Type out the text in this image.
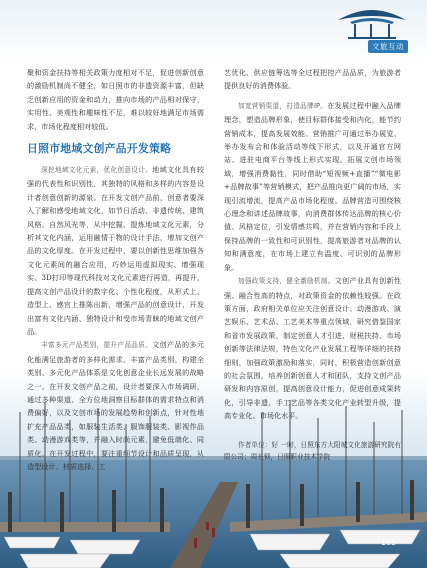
文旅互动

聚和资金扶持等相关政策力度相对不足，促进创新创意的激励机制尚不健全，如日照市的非遗资源丰富，但缺乏创新应用的资金和动力，推向市场的产品相对保守，实用性、美观性和趣味性不足，难以较好地满足市场需求，市场化程度相对较低。

日照市地域文创产品开发策略

深挖地域文化元素，优化创意设计。地域文化具有较强的代表性和识别性，其独特的风格和多样的内容是设计者创意创新的源泉。在开发文创产品前，创意者要深入了解和感受地域文化，如节日活动、非遗传统、建筑风格、自然风光等，从中挖掘、提炼地域文化元素，分析其文化内涵，运用融情于物的设计手法，增加文创产品的文化厚度。在开发过程中，要以创新性思维加强各文化元素间的融合应用，巧妙运用虚拟现实、增强现实、3D打印等现代科技对文化元素进行再造，再提升，提高文创产品设计的数字化、个性化程度，从形式上、造型上、感官上推陈出新，增强产品的创意设计，开发出富有文化内涵、独特设计和受市场青睐的地域文创产品。

丰富多元产品类别，提升产品品质。文创产品的多元化能满足旅游者的多样化需求。丰富产品类别，构建全类别、多元化产品体系是文化创意企业长远发展的战略之一。在开发文创产品之前，设计者要深入市场调研，通过多种渠道、全方位地洞察目标群体的需求特点和消费偏好，以及文创市场的发展趋势和创新点，针对性地扩充产品品类，如服装生活类、服饰服装类、影视作品类、动漫游戏类等，并融入时尚元素，避免低端化、同质化。在开发过程中，要注重细节设计和品质呈现，从造型设计、材质选择、工

艺优化、供应链筹选等全过程把控产品品质，为旅游者提供良好的消费体验。

加宽营销渠道，打造品牌IP。在发展过程中融入品牌理念，塑造品牌形象，使目标群体接受和内化，能节约营销成本，提高发展效能。营销推广可通过举办展览、举办发布会和体验活动等线下形式，以及开通官方网站、进驻电商平台等线上形式实现。拓展文创市场领域，增强消费黏性，同时借助“短视频+直播”“微电影+品牌故事”等营销模式，把产品推向更广阔的市场，实现引流增流，提高产品市场化程度。品牌营造可围绕核心理念和讲述品牌故事，向消费群体传达品牌的核心价值、风格定位，引发情感共鸣，并在营销内容和手段上保持品牌的一致性和可识别性，提高旅游者对品牌的认知和满意度，在市场上建立有温度、可识别的品牌形象。

加强政策支持，健全激励机制。文创产业具有创新性强、融合性高的特点，对政策资金的依赖性较强。在政策方面，政府相关单位应关注创意设计、动漫游戏、演艺娱乐、艺术品、工艺美术等重点领域，研究借鉴国家和省市发展政策，制定创意人才引进、财税扶持、市场创新等法律法规，特色文化产业发展工程等详细的扶持细则，加强政策激励和落实，同时，积极营造创新创意的社会氛围，培养创新创意人才和团队，支持文创产品研发和内容原创，提高创意设计能力，促进创意成果转化，引导非遗、手工艺品等各类文化产业转型升级，提高专业化、市场化水平。

作者单位：好 一时，日照东方大阳城文化旅游研究院有限公司；周长锁，日照职业技术学院

105
